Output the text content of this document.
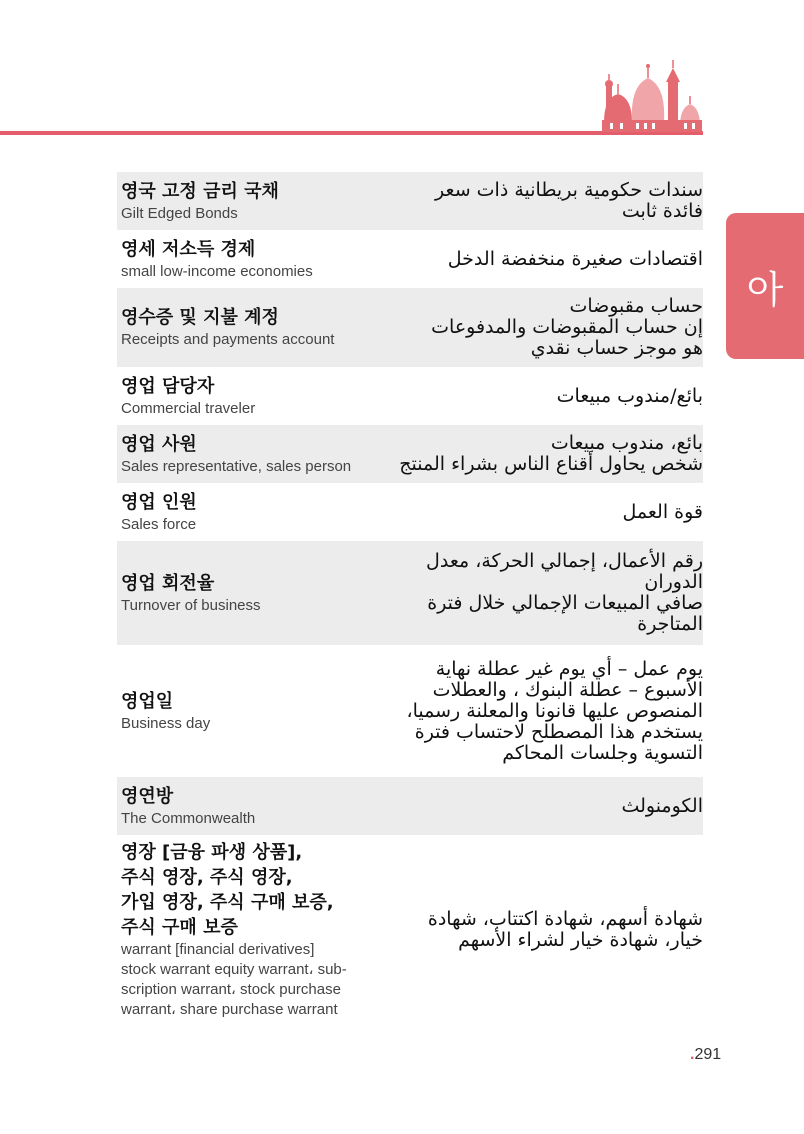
아
영국 고정 금리 국채
Gilt Edged Bonds
سندات حكومية بريطانية ذات سعر
فائدة ثابت
영세 저소득 경제
small low-income economies
اقتصادات صغيرة منخفضة الدخل
영수증 및 지불 계정
Receipts and payments account
حساب مقبوضات
إن حساب المقبوضات والمدفوعات
هو موجز حساب نقدي
영업 담당자
Commercial traveler
بائع/مندوب مبيعات
영업 사원
Sales representative, sales person
بائع، مندوب مبيعات
شخص يحاول أقناع الناس بشراء المنتج
영업 인원
Sales force
قوة العمل
영업 회전율
Turnover of business
رقم الأعمال، إجمالي الحركة، معدل
الدوران
صافي المبيعات الإجمالي خلال فترة
المتاجرة
영업일
Business day
يوم عمل – أي يوم غير عطلة نهاية
الأسبوع – عطلة البنوك ، والعطلات
المنصوص عليها قانونا والمعلنة رسميا،
يستخدم هذا المصطلح لاحتساب فترة
التسوية وجلسات المحاكم
영연방
The Commonwealth
الكومنولث
영장 [금융 파생 상품],
주식 영장, 주식 영장,
가입 영장, 주식 구매 보증,
주식 구매 보증
warrant [financial derivatives]
stock warrant equity warrant، sub-
scription warrant، stock purchase
warrant، share purchase warrant
شهادة أسهم، شهادة اكتتاب، شهادة
خيار، شهادة خيار لشراء الأسهم
.291
